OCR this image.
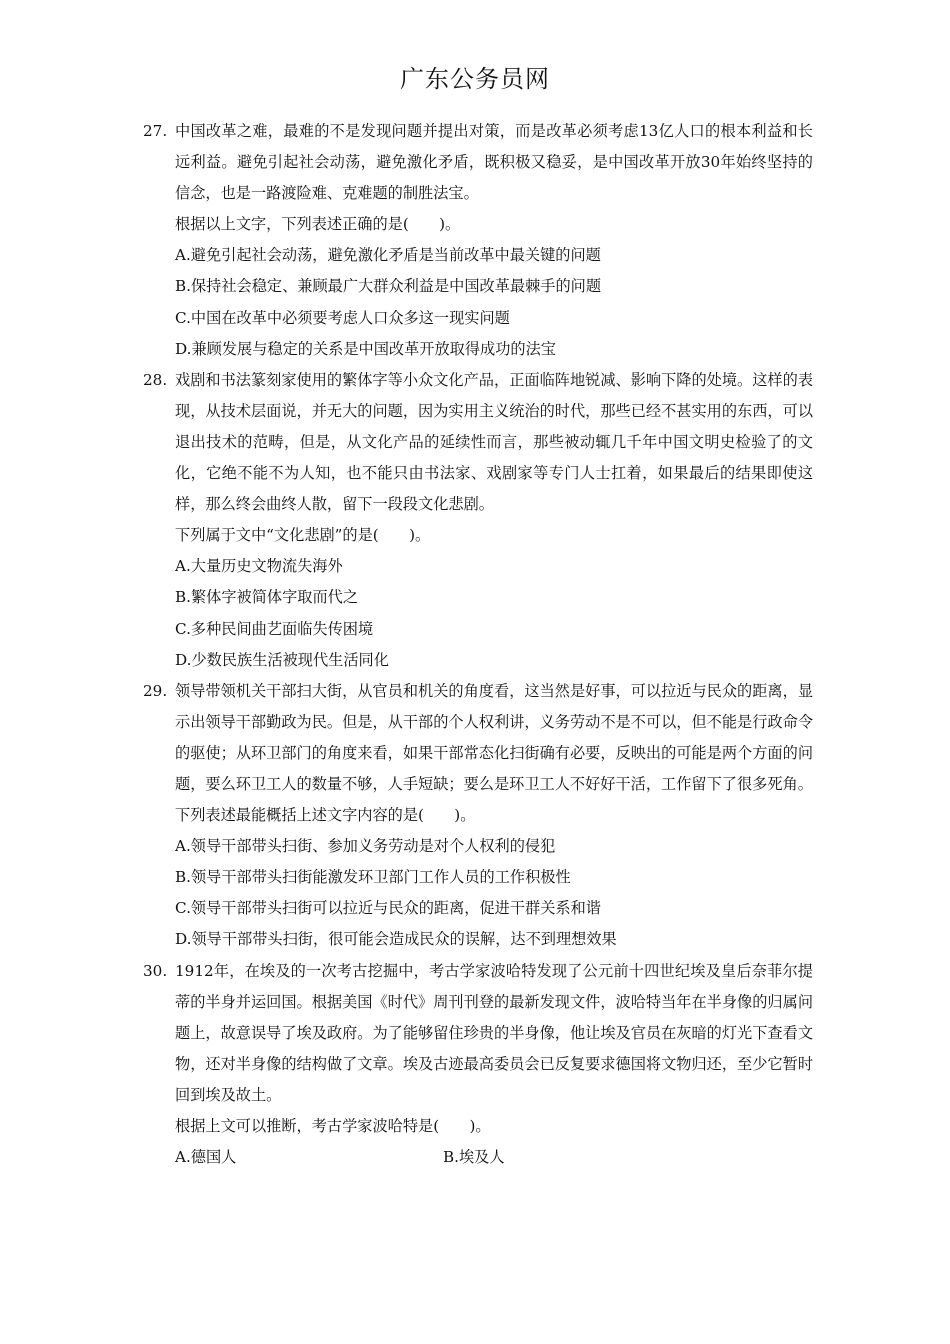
广东公务员网
27. 中国改革之难，最难的不是发现问题并提出对策，而是改革必须考虑13亿人口的根本利益和长远利益。避免引起社会动荡，避免激化矛盾，既积极又稳妥，是中国改革开放30年始终坚持的信念，也是一路渡险难、克难题的制胜法宝。
根据以上文字，下列表述正确的是(　　)。
A.避免引起社会动荡，避免激化矛盾是当前改革中最关键的问题
B.保持社会稳定、兼顾最广大群众利益是中国改革最棘手的问题
C.中国在改革中必须要考虑人口众多这一现实问题
D.兼顾发展与稳定的关系是中国改革开放取得成功的法宝
28. 戏剧和书法篆刻家使用的繁体字等小众文化产品，正面临阵地锐减、影响下降的处境。这样的表现，从技术层面说，并无大的问题，因为实用主义统治的时代，那些已经不甚实用的东西，可以退出技术的范畴，但是，从文化产品的延续性而言，那些被动辄几千年中国文明史检验了的文化，它绝不能不为人知，也不能只由书法家、戏剧家等专门人士扛着，如果最后的结果即使这样，那么终会曲终人散，留下一段段文化悲剧。
下列属于文中“文化悲剧”的是(　　)。
A.大量历史文物流失海外
B.繁体字被简体字取而代之
C.多种民间曲艺面临失传困境
D.少数民族生活被现代生活同化
29. 领导带领机关干部扫大街，从官员和机关的角度看，这当然是好事，可以拉近与民众的距离，显示出领导干部勤政为民。但是，从干部的个人权利讲，义务劳动不是不可以，但不能是行政命令的驱使；从环卫部门的角度来看，如果干部常态化扫街确有必要，反映出的可能是两个方面的问题，要么环卫工人的数量不够，人手短缺；要么是环卫工人不好好干活，工作留下了很多死角。
下列表述最能概括上述文字内容的是(　　)。
A.领导干部带头扫街、参加义务劳动是对个人权利的侵犯
B.领导干部带头扫街能激发环卫部门工作人员的工作积极性
C.领导干部带头扫街可以拉近与民众的距离，促进干群关系和谐
D.领导干部带头扫街，很可能会造成民众的误解，达不到理想效果
30. 1912年，在埃及的一次考古挖掘中，考古学家波哈特发现了公元前十四世纪埃及皇后奈菲尔提蒂的半身并运回国。根据美国《时代》周刊刊登的最新发现文件，波哈特当年在半身像的归属问题上，故意误导了埃及政府。为了能够留住珍贵的半身像，他让埃及官员在灰暗的灯光下查看文物，还对半身像的结构做了文章。埃及古迹最高委员会已反复要求德国将文物归还，至少它暂时回到埃及故土。
根据上文可以推断，考古学家波哈特是(　　)。
A.德国人	B.埃及人
